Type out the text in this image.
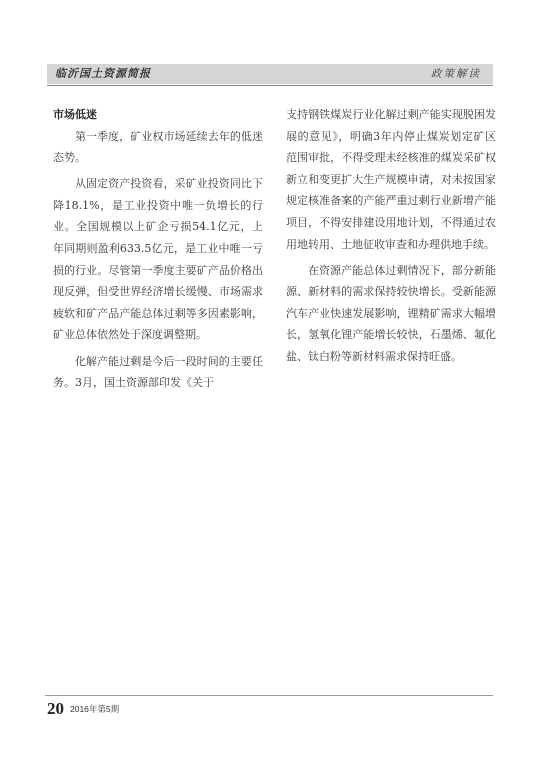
临沂国土资源简报	政策解读
市场低迷

第一季度，矿业权市场延续去年的低迷态势。

从固定资产投资看，采矿业投资同比下降18.1%，是工业投资中唯一负增长的行业。全国规模以上矿企亏损54.1亿元，上年同期则盈利633.5亿元，是工业中唯一亏损的行业。尽管第一季度主要矿产品价格出现反弹，但受世界经济增长缓慢、市场需求疲软和矿产品产能总体过剩等多因素影响，矿业总体依然处于深度调整期。

化解产能过剩是今后一段时间的主要任务。3月，国土资源部印发《关于

支持钢铁煤炭行业化解过剩产能实现脱困发展的意见》，明确3年内停止煤炭划定矿区范围审批，不得受理未经核准的煤炭采矿权新立和变更扩大生产规模申请，对未按国家规定核准备案的产能严重过剩行业新增产能项目，不得安排建设用地计划，不得通过农用地转用、土地征收审查和办理供地手续。

在资源产能总体过剩情况下，部分新能源、新材料的需求保持较快增长。受新能源汽车产业快速发展影响，锂精矿需求大幅增长，氢氧化锂产能增长较快，石墨烯、氟化盐、钛白粉等新材料需求保持旺盛。

20 2016年第5期
